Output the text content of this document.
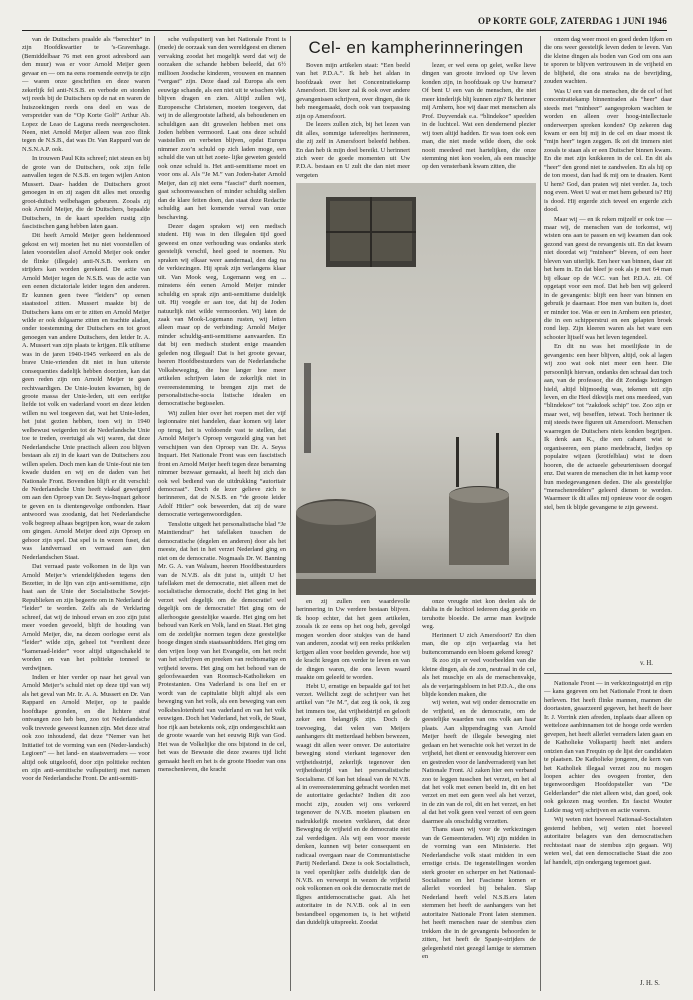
OP KORTE GOLF, ZATERDAG 1 JUNI 1946

van de Duitschers praalde als “berechter” in zijn Hoofdkwartier te ’s-Gravenhage. (Bemiddelbaar 76 met een groot adresbord aan den muur) was er voor Arnold Meijer geen gevaar en — om na eens roemende eenvijs te zijn — waren onze geschriften en deze waren zekerlijk fel anti-N.S.B. en verbode en stonden wij reeds bij de Duitschers op de nat en waren de huiszoekingen reeds ons deel en was de verspreider van de “Op Korte Golf” Arthur Ab. Lopez de Leao de Laguna reeds neergeschoten. Neen, niet Arnold Meijer alleen was zoo flink tegen de N.S.B., dat was Dr. Van Rappard van de N.S.N.A.P. ook.

In trouwen Paul Kits schreef; niet steun en bij de grote van de Duitschers, ook zijn felle aanvallen tegen de N.S.B. en tegen wijlen Anton Mussert. Daar- hadden de Duitschers groot genoegen in en zij zagen dit alles met onzedig groot-duitsch welbehagen gebeuren. Zooals zij ook Arnold Meijer, die de Duitschers, bepaalde Duitschers, in de kaart speelden rustig zijn fascistischen gang hebben laten gaan.

Dit heeft Arnold Meijer geen heldenmoed gekost en wij moeten het nu niet voorstellen of laten voorstellen alsof Arnold Meijer ook onder de flinke (illegale) anti-N.S.B. werkers en strijders kan worden gerekend. De actie van Arnold Meijer tegen de N.S.B. was de actie van een eenen dictatoriale leider tegen den anderen. Er kunnen geen twee “leiders” op eenen staatsstoel zitten. Mussert maakte bij de Duitschers kans om er te zitten en Arnold Meijer wilde er ook dolgaarne zitten en trachtte aladan, onder toestemming der Duitschers en tot groot genoegen van andere Duitschers, den leider Ir. A. A. Mussert van zijn plaats te krijgen. Elk utilisme was in de jaren 1940-1945 verkeerd en als de brave Unie-vrienden dit niet in hun uiterste consequenties dadelijk hebben doorzien, kan dat geen reden zijn om Arnold Meijer te gaan rechtvaardigen. De Unie-louten kwamen, bij de groote massa der Unie-leden, uit een eerlijke liefde tot volk en vaderland voort en deze leiden willen nu wel toegeven dat, wat het Unie-leden, het juist gezien hebben, toen wij in 1940 welbewust weigerden tot de Nederlandsche Unie toe te treden, overtuigd als wij waren, dat deze Nederlandsche Unie practisch alleen zou blijven bestaan als zij in de kaart van de Duitschers zou willen spelen. Doch men kan de Unie-fout nie ten kwade duiden en wij en de daden van het Nationale Front. Bovendien blijft er dit verschil: de Nederlandsche Unie heeft vlakaf geweigerd om aan den Oproep van Dr. Seyss-Inquart gehoor te geven en is dientengevolge ontbonden. Haar antwoord was zoodanig, dat het Nederlandsche volk begreep alhaas begrijpen kon, waar de zaken om gingen. Arnold Meijer deed zijn Oproep en gehoor zijn spel. Dat spel is in wezen fuset, dat was landverraad en verraad aan den Nederlandschen Staat.

Dat verraad paste volkomen in de lijn van Arnold Meijer’s vriendelijkheden tegens den Bezetter, in de lijn van zijn anti-semitisme, zijn haat aan de Unie der Socialistische Sowjet-Republieken en zijn begeerte om in Nederland de “leider” te worden. Zelfs als de Verklaring schreef, dat wij de inhoud ervan en zoo zijn juist meer voeden gevoeld, blijft de houding van Arnold Meijer, die, na dezen oorlogse eerst als “leider” wilde zijn, geheel tot “verdient deze “kameraad-leider” voor altijd uitgeschakeld te worden en van het politieke tonneel te verdwijnen.

Indien er hier verder op naar het geval van Arnold Meijer’s schuld niet op deze tijd van wij als het geval van Mr. Ir. A. A. Mussert en Dr. Van Rappard en Arnold Meijer, op te paalde hoofdtape gronden, en die lichtere straf ontvangen zoo heb ben, zoo tot Nederlandsche volk trevrede geweest kunnen zijn. Met deze straf ook zoo inhoudend, dat deze “Nemer van het Initiatief tot de vorming van een (Neder-landsch) Legioen” — het land- en staatsverraders — voor altijd ook uitgeloofd, door zijn politieke rechten en zijn anti-semitische vuilspuiterij met namen voor de Nederlandsche Front. De anti-semiti-

sche vuilspuiterij van het Nationale Front is (mede) de oorzaak van den wereldgeest en dienen vervaking zoodat het mogelijk werd dat wij de oorzaken die schande hebben beleefd, dat 6½ millioen Joodsche kinderen, vrouwen en mannen “vergast” zijn. Deze daad zal Europa als een eeuwige schande, als een niet uit te wisschen vlek blijven dragen en zien. Altijd zullen wij, Europeesche Christenen, moeten toegeven, dat wij in de allergrootste lafheid, als behoudenen en schuldigen aan dit gruwelen hebben met ons Joden hebben vermoord. Laat ons deze schuld vaststellen en verbeten blijven, opdat Europa nimmer zoo’n schuld op zich laden moge, een schuld die van uit het zoete- lijke geweten gesteld ook onze schuld is. Het anti-semitisme moet en voor ons al. Als “Je M.” van Joden-hater Arnold Meijer, dan zij niet eens “fascist” durft noemen, gaat schoonwasschen of minder schuldig stellen dan de klare feiten doen, dan staat deze Redactie schuldig aan het komende verval van onze beschaving.

Dezer dagen spraken wij een medisch student. Hij was in den illegalen tijd goed geweest en onze verhouding was ondanks sterk geestelijk verschil, heel goed te noemen. Nu spraken wij elkaar weer aandernaal, den dag na de verkiezingen. Hij sprak zijn verlangens klaar uit. Van Mook weg, Logemann weg en ... minstens één eenen Arnold Meijer minder schuldig en sprak zijn anti-semitisme duidelijk uit. Hij voegde er aan toe, dat hij de Joden natuurlijk niet wilde vermoorden. Wij laten de zaak van Mook-Logemann rusten, wij letten alleen maar op de verbinding: Arnold Meijer minder schuldig-anti-semitisme aanvaarden. En dat bij een medisch student enige maanden geleden nog illegaal! Dat is het groote gevaar, heeren Hoofdbestuurders van de Nederlandsche Volkabeweging, die hoe langer hoe meer artikelen schrijven laten de zekerlijk niet in overeenstemming te brengen zijn met de personalistische-socia listische idealen en democratische begisselen.

Wij zullen hier over het roepen met der vijf legionnaire niet handelen, daar komen wij later op terug, het is voldoende vast te stellen, dat Arnold Meijer’s Oproep vergezeld ging van het verschijnen van den Oproep van Dr. A. Seyss Inquart. Het Nationale Front was een fascistisch front en Arnold Meijer heeft tegen deze benaming nimmer bezwaar gemaakt, al heeft hij zich dan ook wel bediend van de uitdrukking “autoritair democraat”. Doch de lezer gelieve zich te herinneren, dat de N.S.B. en “de groote leider Adolf Hitler” ook beweerden, dat zij de ware democratie vertegenwoordigden.

Tenslotte uitgedt het personalistische blad “Je Maintiendrai” het tafellaken tusschen de democratische (degelen en anderen) door als het meeste, dat het in het verzet Nederland ging en niet om de democratie. Nogmaals Dr. W. Banning Mr. G. A. van Walsum, heeren Hoofdbestuurders van de N.V.B. als dit juist is, uiiijdt U het tafellaken met de democratie, niet alleen met de socialistische democratie, doch! Het ging in het verzet wel degelijk om de democratie! wel degelijk om de democratie! Het ging om de allerhoogste geestelijke waarde. Het ging om het behoud van Kerk en Volk, land en Staat. Het ging om de zedelijke normen tegen deze geestelijke hooge dingen sinds staatsaanbidders. Het ging om den vrijen loop van het Evangelie, om het recht van het schrijven en preeken van rechtsmatige en vrijheid tevens. Het ging om het behoud van de geloofswaarden van Roomsch-Katholieken en Protestanten. Ons Vaderland is ons lief en er wordt van de capitulatie blijft altijd als een beweging van het volk, als een beweging van een volksbeslotenheid van vaderland en van het volk eeuwigen. Doch het Vaderland, het volk, de Staat, hoe rijk aan betekenis ook, zijn ondergeschikt aan de groote waarde van het eeuwig Rijk van God. Het was de Volkelijke die ons bijstond in de cel, het was de Bewuste die deze zwares tijd licht gemaakt heeft en het is de groote Hoeder van ons menschenleven, die kracht

Cel- en kampherinneringen

Boven mijn artikelen staat: “Een beeld van het P.D.A.”. Ik heb het aldan in hoofdzaak over het Concentratiekamp Amersfoort. Dit keer zal ik ook over andere gevangenissen schrijven, over dingen, die ik heb meegemaakt, doch ook van toepassing zijn op Amersfoort.

De lezers zullen zich, bij het lezen van dit alles, sommige tafereeltjes herinneren, die zij zelf in Amersfoort beleefd hebben. En dan heb ik mijn doel bereikt. U herinnert zich weer de goede momenten uit Uw P.D.A. bestaan en U zult die dan niet meer vergeten

lezer, er wel eens op gelet, welke lieve dingen van groote invloed op Uw leven konden zijn, in hoofdzaak op Uw humeur? Of bent U een van de menschen, die niet meer kinderlijk blij kunnen zijn? Ik herinner mij Arnhem, hoe wij daar met menschen als Prof. Duyvendak e.a. “blindekoe” speelden in de luchtcel. Wat een dendernend plezier wij toen altijd hadden. Er was toen ook een man, die niet mede wilde doen, die ook nooit meedeed met hartelijken, die onze stemming niet kon voelen, als een muschje op den vensterbank kwam zitten, die

en zij zullen een waardevolle herinnering in Uw verdere bestaan blijven. Ik hoop echter, dat het geen artikelen, zooals ik ze eens op het oog heb, gevolgd mogen worden door stukjes van de hand van anderen, zoodat wij een reeks prikkelen krijgen allen voor beelden gevende, hoe wij de kracht kregen om verder te leven en van de dingen waren, die ons leven waard maakte om geleefd te worden.

Hebt U, ernstige en bepaalde gaf tot het verzet. Wellicht zegt de schrijver van het artikel van “Je M.”, dat zeg ik ook, ik zeg het immers toe, dat vrijheidstrijd en gelooft zeker een belangrijk zijn. Doch de toevoeging, dat velen van Meijers aanhangers dit metterdaad hebben bewezen, waagt dit allen weer omver. De autoritaire beweging stond vierkant tegenover den vrijheidsstrijd, zekerlijk tegenover den vrijheidsstrijd van het personalistische Socialisme. Of kan het ideaal van de N.V.B. al in overeenstemming gebracht worden met de autoritaire gedachte? Indien dit zoo mocht zijn, zouden wij ons verkeerd tegenover de N.V.B. moeten plaatsen en nadrukkelijk moeten verklaren, dat deze Beweging de vrijheid en de democratie niet zal verdedigen. Als wij een voor meeste denken, kunnen wij beter consequent en radicaal overgaan naar de Communistische Partij Nederland. Deze is ook Socialistisch, is veel openlijker zelfs duidelijk dan de N.V.B. en verwerpt in wezen de vrijheid ook volkomen en ook die democratie met de Ilgpes antidemocratische gaat. Als het autoritaire in de N.V.B. ook al in een bestandbeel opgenomen is, is het wijheid dan duidelijk uitspreekt. Zoodat

onze vreugde niet kon deelen als de dahlia in de luchtcel iedereen dag geeide en teruhotte bloeide. De arme man kwijnde weg.

Herinnert U zich Amersfoort? En dien man, die op zijn verjaardag via het buitencommando een bloem gekend kreeg?

Ik zoo zijn er veel voorbeelden van die kleine dingen, als de zon, neutraal in de cel, als het muschje en als de menschenvakje, als de verjaringsbloem in het P.D.A., die ons blijde konden maken, die

wij weten, wat wij onder democratie en de vrijheid, en de democratie, om de geestelijke waarden van ons volk aan haar plaats. Aan slippendraging van Arnold Meijer heeft de illegale beweging niet gedaan en het wenschte ook het verzet in de vrijheid, het dient er eenvoudig hierover een en gestreden voor de landverradereij van het Nationale Front. Al zaken hier een verband zoo te leggen tusschen het verzet, en het al dat het volk met eenen beeld in, dit en het verzet en met een geen veel als het verzet, in de zin van de rol, dit en het verzet, en het al dat het volk geen veel verzet of een geen daarmee als onschuldig verzetten.

Thans staan wij voor de verkiezingen van de Gemeenteraden. Wij zijn midden in de vorming van een Ministerie. Het Nederlandsche volk staat midden in een ernstige crisis. De tegenstellingen worden sterk grooter en scherper en het Nationaal-Socialisme en het Fascisme komen er allerlei voordeel bij behalen. Slap Nederland heeft velel N.S.B.ers laten stemmen het heeft de aanhangers van het autoritaire Nationale Front laten stemmen. het heeft menschen naar de stembus zien trekken die in de gevangenis behoorden te zitten, het heeft de Spanje-strijders de gelegenheid niet gezegd lamige te stemmen en

onzen dag weer mooi en goed deden lijken en die ons weer geestelijk leven deden te leven. Van die kleine dingen als boden van God om ons aan te sporen te blijven vertrouwen in de vrijheid en de blijheid, die ons straks na de bevrijding, zouden wachten.

Was U een van de menschen, die de cel of het concentratiekamp binnentraden als “heer” daar steeds met “minheer” aangesproken wachten te worden en alleen over hoog-intellectuele onderwerpen spreken konden? Op zekeren dag kwam er een bij mij in de cel en daar moest ik “mijn heer” tegen zeggen. Ik zei dit immers niet zooals te staan als er een Duitscher binnen kwam. En die met zijn knikkeren in de cel. En dit als “heer” den grond niet te zandwelen. En als hij op de ton moest, dan had ik mij om te draaien. Kent U hem? God, dan praten wij niet verder. Ja, toch nog even. Weet U wat er met hem gebeurd is? Hij is dood. Hij ergerde zich teveel en ergerde zich dood.

Maar wij — en ik reken mijzelf er ook toe — maar wij, de menschen van de torkomst, wij wisten ons aan te passen en wij kwamen dan ook gezond van geest de revangenis uit. En dat kwam niet doordat wij “minheer” bleven, of een heer bleven van uiterlijk. Een heer van binnen, daar zit het hem in. En dat bleef je ook als je met 64 man bij elkaar op de W.C. van het P.D.A. zit. Of opgetapt voor een mof. Dat heb ben wij geleerd in de gevangenis: blijft een heer van binnen en gebruik je daarnaar. Hoe men van buiten is, doet er minder toe. Was er een in Arnhem een priester, die in een schipperstrui en een gelapten broek rond liep. Zijn kleeren waren als het ware een schooier lijtself was het leven tegendeel.

En dit nu was het moeilijkste in de gevangenis: een heer blijven, altijd, ook al lagen wij zoo wat ook niet meer een heer. Die persoonlijk hiervan, ondanks den schraal dan toch aan, van de professor, die dit Zondags lezingen hield, altijd blijmoedig was, tekenen uit zijn leven, en die Heel dikwijls met ons meedeed, van “blindekoe” tot “zakdoek schip” toe. Zoo zijn er maar wei, wij beseffen, ietwat. Toch herinner ik mij steeds twee figuren uit Amersfoort. Menschen waarregen de Duitschers niets konden begrijpen. Ik denk aan K., die een cabaret wist te organiseeren, een piano medebracht, liedjes op populaire wijzen (krotfelblau) wist te doen hooren, die de actueele gebeurtenissen doorgaf enz. Dat waren de menschen die in het kamp voor hun medegevangenen deden. Die als geestelijke “menschenredders” geleerd dienen te worden. Waarmeer ik dit alles mij opnieuw voor de oogen stel, ben ik blijde gevangene te zijn geweest.

v. H.

Nationale Front — in verkiezingsstrijd en rijp — kans gegeven om het Nationale Front te doen herleven. Het heeft flinke mannen, mannen die doortasten, geaarzeerd gegeven, het heeft de heer Ir. J. Vorrink zien afreden, inplaats daar alleen op wetteloze aanbinnamen tot de hooge orde werden gevepen, het heeft allerlei verraders laten gaan en de Katholieke Volkspartij heeft niet anders ontzien dan van Frequin op de lijst der candidaten te plaatsen. De Katholieke jongeren, de kern van het Katholiek illegaal verzet zou nu mogen loopen achter des ovogeen fronter, den tegenwoordigen Hoofdopsteller van “De Gelderlander” die niet alleen wist, dan goed, ook ook gekozen mag worden. En fascist Wouter Lutkie mag vrij schrijven en actie voeren.

Wij weten niet hoeveel Nationaal-Socialisten gestemd hebben, wij weten niet hoeveel autoritaire belagers van den democratischen rechtsstaat naar de stembus zijn gegaan. Wij weten wel, dat een democratische Staat die zoo laf handelt, zijn ondergang tegemoet gaat.

J. H. S.
